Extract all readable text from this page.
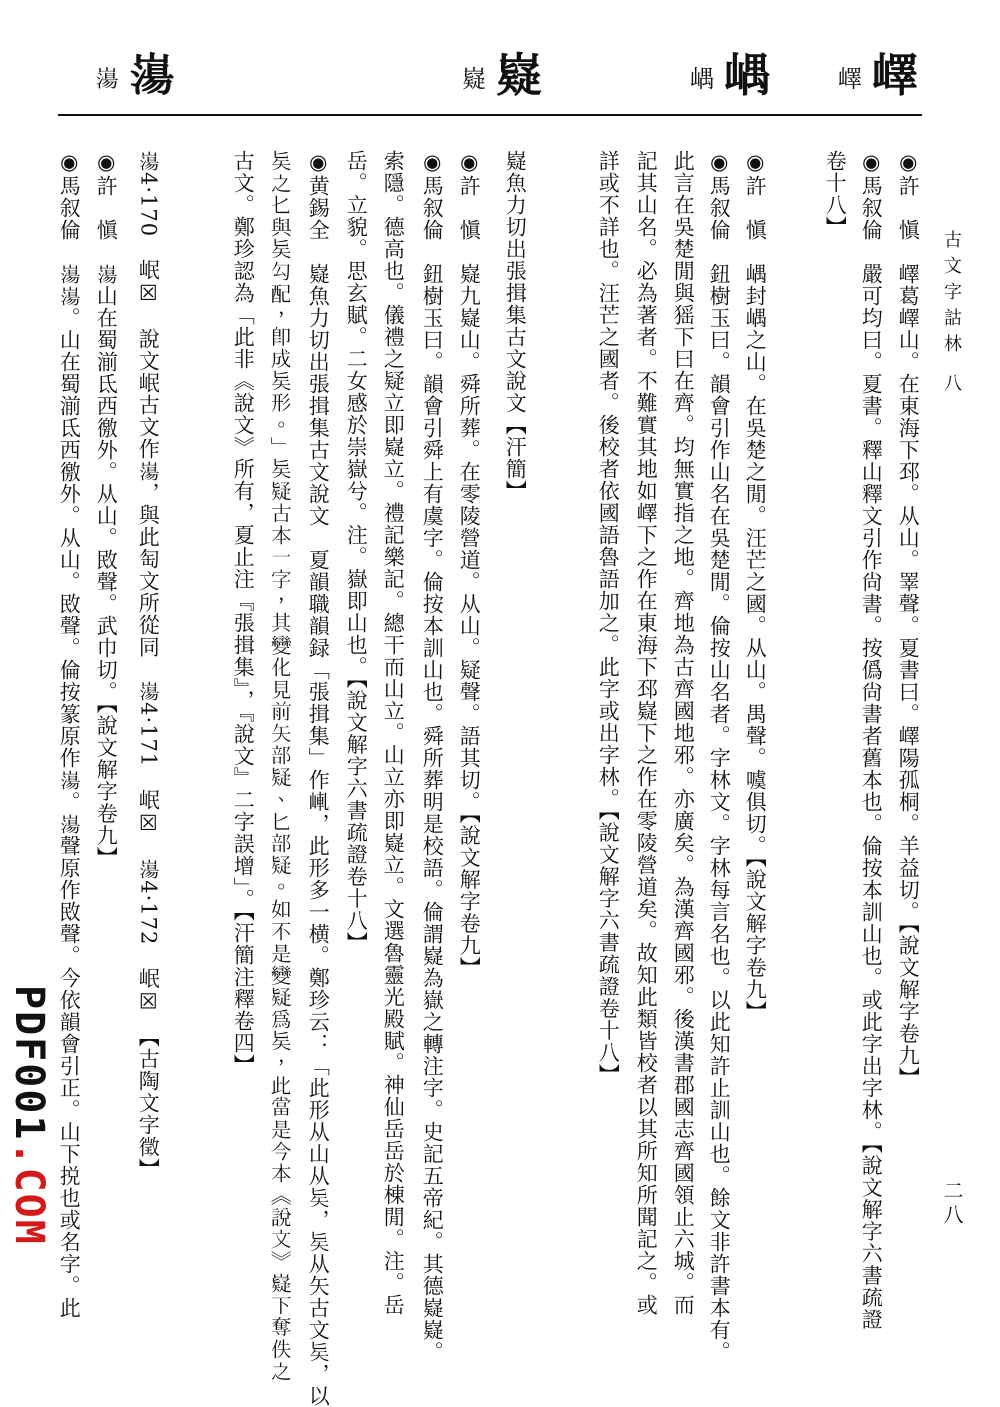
嶧 嶧
嵎 嵎
嶷 嶷
𡼍 𡼍
古文字詁林 八
二八
◉許　愼　嶧葛嶧山。在東海下邳。从山。睪聲。夏書曰。嶧陽孤桐。羊益切。【說文解字卷九】
◉馬叙倫　嚴可均曰。夏書。釋山釋文引作尙書。按僞尙書者舊本也。倫按本訓山也。或此字出字林。【說文解字六書疏證
卷十八】
◉許　愼　嵎封嵎之山。在吳楚之閒。汪芒之國。从山。禺聲。噳俱切。【說文解字卷九】
◉馬叙倫　鈕樹玉曰。韻會引作山名在吳楚閒。倫按山名者。字林文。字林每言名也。以此知許止訓山也。餘文非許書本有。
此言在吳楚閒與猺下曰在齊。均無實指之地。齊地為古齊國地邪。亦廣矣。為漢齊國邪。後漢書郡國志齊國領止六城。而
記其山名。必為著者。不難實其地如嶧下之作在東海下邳嶷下之作在零陵營道矣。故知此類皆校者以其所知所聞記之。或
詳或不詳也。汪芒之國者。後校者依國語魯語加之。此字或出字林。【說文解字六書疏證卷十八】
嶷魚力切出張揖集古文說文【汗簡】
◉許　愼　嶷九嶷山。舜所葬。在零陵營道。从山。疑聲。語其切。【說文解字卷九】
◉馬叙倫　鈕樹玉曰。韻會引舜上有虞字。倫按本訓山也。舜所葬明是校語。倫謂嶷為嶽之轉注字。史記五帝紀。其德嶷嶷。
索隱。德高也。儀禮之疑立即嶷立。禮記樂記。總干而山立。山立亦即嶷立。文選魯靈光殿賦。神仙岳岳於棟閒。注。岳
岳。立貌。思玄賦。二女感於崇嶽兮。注。嶽即山也。【說文解字六書疏證卷十八】
◉黄錫全　嶷魚力切出張揖集古文說文　夏韻職韻録「張揖集」作𡸗，此形多一横。鄭珍云：「此形从山从𠤕，𠤕从矢古文𠤕，以
𠤕之𠤎與𠤕勾配，即成𠤕形。」𠤕疑古本一字，其變化見前矢部疑、匕部疑。如不是變疑為𠤕，此當是今本《說文》嶷下奪佚之
古文。鄭珍認為「此非《說文》所有，夏止注『張揖集』，『說文』二字誤增」。【汗簡注釋卷四】
𡼍4·170　岷☒　說文岷古文作𡼍，與此匋文所從同　𡼍4·171　岷☒　𡼍4·172　岷☒　【古陶文字徵】
◉許　愼　𡼍山在蜀湔氐西徼外。从山。敃聲。武巾切。【說文解字卷九】
◉馬叙倫　𡼍𡼍。山在蜀湔氐西徼外。从山。敃聲。倫按篆原作𡼍。𡼍聲原作敃聲。今依韻會引正。山下捝也或名字。此
PDF001.COM
